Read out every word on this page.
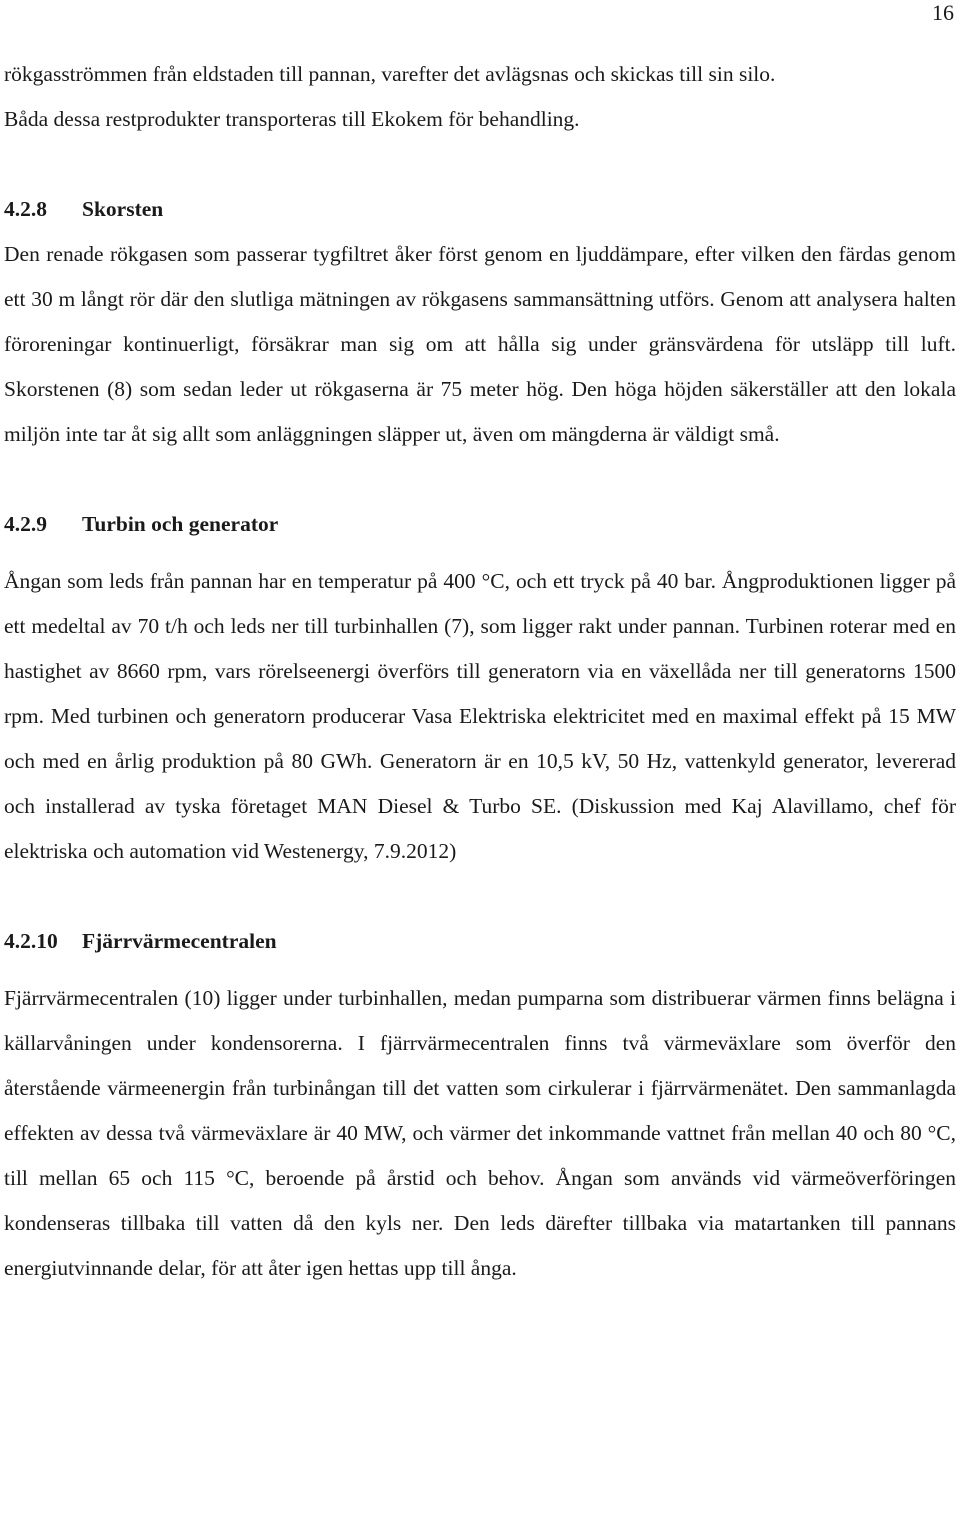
16

rökgasströmmen från eldstaden till pannan, varefter det avlägsnas och skickas till sin silo.

Båda dessa restprodukter transporteras till Ekokem för behandling.

4.2.8 Skorsten

Den renade rökgasen som passerar tygfiltret åker först genom en ljuddämpare, efter vilken den färdas genom ett 30 m långt rör där den slutliga mätningen av rökgasens sammansättning utförs. Genom att analysera halten föroreningar kontinuerligt, försäkrar man sig om att hålla sig under gränsvärdena för utsläpp till luft. Skorstenen (8) som sedan leder ut rökgaserna är 75 meter hög. Den höga höjden säkerställer att den lokala miljön inte tar åt sig allt som anläggningen släpper ut, även om mängderna är väldigt små.

4.2.9 Turbin och generator

Ångan som leds från pannan har en temperatur på 400 °C, och ett tryck på 40 bar. Ångproduktionen ligger på ett medeltal av 70 t/h och leds ner till turbinhallen (7), som ligger rakt under pannan. Turbinen roterar med en hastighet av 8660 rpm, vars rörelseenergi överförs till generatorn via en växellåda ner till generatorns 1500 rpm. Med turbinen och generatorn producerar Vasa Elektriska elektricitet med en maximal effekt på 15 MW och med en årlig produktion på 80 GWh. Generatorn är en 10,5 kV, 50 Hz, vattenkyld generator, levererad och installerad av tyska företaget MAN Diesel & Turbo SE. (Diskussion med Kaj Alavillamo, chef för elektriska och automation vid Westenergy, 7.9.2012)

4.2.10 Fjärrvärmecentralen

Fjärrvärmecentralen (10) ligger under turbinhallen, medan pumparna som distribuerar värmen finns belägna i källarvåningen under kondensorerna. I fjärrvärmecentralen finns två värmeväxlare som överför den återstående värmeenergin från turbinångan till det vatten som cirkulerar i fjärrvärmenätet. Den sammanlagda effekten av dessa två värmeväxlare är 40 MW, och värmer det inkommande vattnet från mellan 40 och 80 °C, till mellan 65 och 115 °C, beroende på årstid och behov. Ångan som används vid värmeöverföringen kondenseras tillbaka till vatten då den kyls ner. Den leds därefter tillbaka via matartanken till pannans energiutvinnande delar, för att åter igen hettas upp till ånga.
